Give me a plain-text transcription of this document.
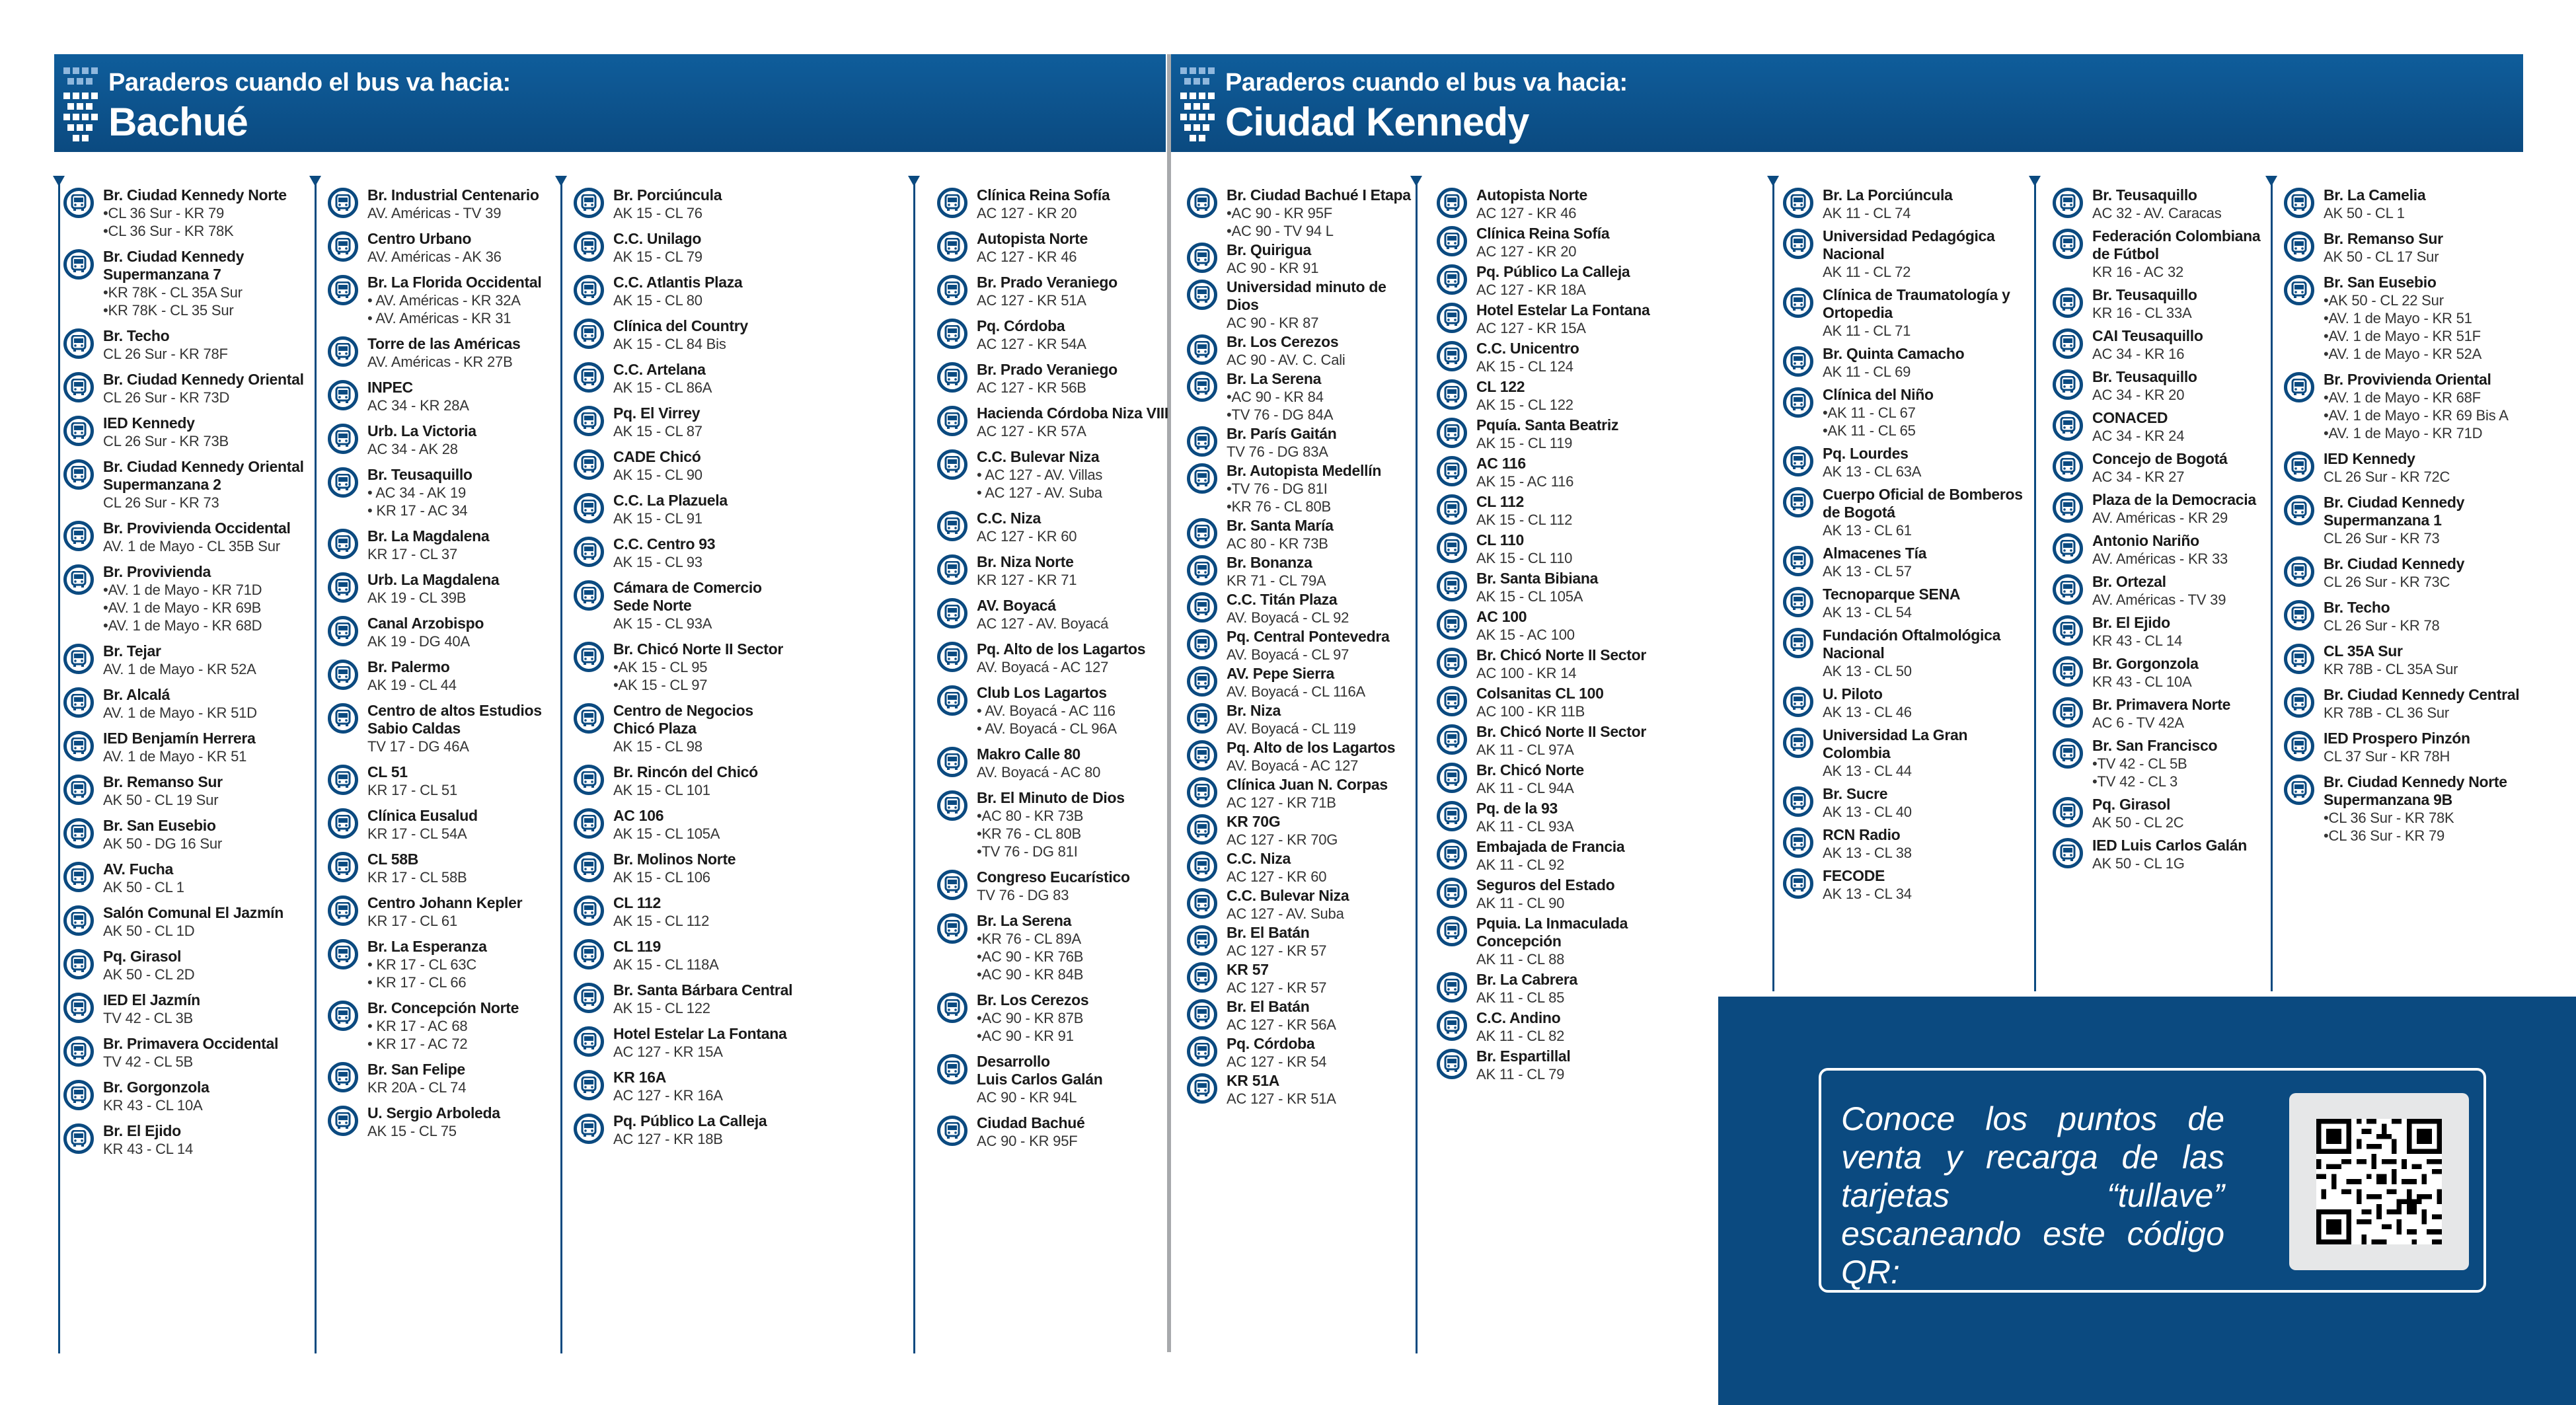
Paraderos cuando el bus va hacia:
Bachué
Paraderos cuando el bus va hacia:
Ciudad Kennedy
Br. Ciudad Kennedy Norte
•CL 36 Sur - KR 79
•CL 36 Sur - KR 78K
Br. Ciudad Kennedy
Supermanzana 7
•KR 78K - CL 35A Sur
•KR 78K - CL 35 Sur
Br. Techo
CL 26 Sur - KR 78F
Br. Ciudad Kennedy Oriental
CL 26 Sur - KR 73D
IED Kennedy
CL 26 Sur - KR 73B
Br. Ciudad Kennedy Oriental
Supermanzana 2
CL 26 Sur - KR 73
Br. Provivienda Occidental
AV. 1 de Mayo - CL 35B Sur
Br. Provivienda
•AV. 1 de Mayo - KR 71D
•AV. 1 de Mayo - KR 69B
•AV. 1 de Mayo - KR 68D
Br. Tejar
AV. 1 de Mayo - KR 52A
Br. Alcalá
AV. 1 de Mayo - KR 51D
IED Benjamín Herrera
AV. 1 de Mayo - KR 51
Br. Remanso Sur
AK 50 - CL 19 Sur
Br. San Eusebio
AK 50 - DG 16 Sur
AV. Fucha
AK 50 - CL 1
Salón Comunal El Jazmín
AK 50 - CL 1D
Pq. Girasol
AK 50 - CL 2D
IED El Jazmín
TV 42 - CL 3B
Br. Primavera Occidental
TV 42 - CL 5B
Br. Gorgonzola
KR 43 - CL 10A
Br. El Ejido
KR 43 - CL 14
Br. Industrial Centenario
AV. Américas - TV 39
Centro Urbano
AV. Américas - AK 36
Br. La Florida Occidental
• AV. Américas - KR 32A
• AV. Américas - KR 31
Torre de las Américas
AV. Américas - KR 27B
INPEC
AC 34 - KR 28A
Urb. La Victoria
AC 34 - AK 28
Br. Teusaquillo
• AC 34 - AK 19
• KR 17 - AC 34
Br. La Magdalena
KR 17 - CL 37
Urb. La Magdalena
AK 19 - CL 39B
Canal Arzobispo
AK 19 - DG 40A
Br. Palermo
AK 19 - CL 44
Centro de altos Estudios
Sabio Caldas
TV 17 - DG 46A
CL 51
KR 17 - CL 51
Clínica Eusalud
KR 17 - CL 54A
CL 58B
KR 17 - CL 58B
Centro Johann Kepler
KR 17 - CL 61
Br. La Esperanza
• KR 17 - CL 63C
• KR 17 - CL 66
Br. Concepción Norte
• KR 17 - AC 68
• KR 17 - AC 72
Br. San Felipe
KR 20A - CL 74
U. Sergio Arboleda
AK 15 - CL 75
Br. Porciúncula
AK 15 - CL 76
C.C. Unilago
AK 15 - CL 79
C.C. Atlantis Plaza
AK 15 - CL 80
Clínica del Country
AK 15 - CL 84 Bis
C.C. Artelana
AK 15 - CL 86A
Pq. El Virrey
AK 15 - CL 87
CADE Chicó
AK 15 - CL 90
C.C. La Plazuela
AK 15 - CL 91
C.C. Centro 93
AK 15 - CL 93
Cámara de Comercio
Sede Norte
AK 15 - CL 93A
Br. Chicó Norte II Sector
•AK 15 - CL 95
•AK 15 - CL 97
Centro de Negocios
Chicó Plaza
AK 15 - CL 98
Br. Rincón del Chicó
AK 15 - CL 101
AC 106
AK 15 - CL 105A
Br. Molinos Norte
AK 15 - CL 106
CL 112
AK 15 - CL 112
CL 119
AK 15 - CL 118A
Br. Santa Bárbara Central
AK 15 - CL 122
Hotel Estelar La Fontana
AC 127 - KR 15A
KR 16A
AC 127 - KR 16A
Pq. Público La Calleja
AC 127 - KR 18B
Clínica Reina Sofía
AC 127 - KR 20
Autopista Norte
AC 127 - KR 46
Br. Prado Veraniego
AC 127 - KR 51A
Pq. Córdoba
AC 127 - KR 54A
Br. Prado Veraniego
AC 127 - KR 56B
Hacienda Córdoba Niza VIII
AC 127 - KR 57A
C.C. Bulevar Niza
• AC 127 - AV. Villas
• AC 127 - AV. Suba
C.C. Niza
AC 127 - KR 60
Br. Niza Norte
KR 127 - KR 71
AV. Boyacá
AC 127 - AV. Boyacá
Pq. Alto de los Lagartos
AV. Boyacá - AC 127
Club Los Lagartos
• AV. Boyacá - AC 116
• AV. Boyacá - CL 96A
Makro Calle 80
AV. Boyacá - AC 80
Br. El Minuto de Dios
•AC 80 - KR 73B
•KR 76 - CL 80B
•TV 76 - DG 81I
Congreso Eucarístico
TV 76 - DG 83
Br. La Serena
•KR 76 - CL 89A
•AC 90 - KR 76B
•AC 90 - KR 84B
Br. Los Cerezos
•AC 90 - KR 87B
•AC 90 - KR 91
Desarrollo
Luis Carlos Galán
AC 90 - KR 94L
Ciudad Bachué
AC 90 - KR 95F
Br. Ciudad Bachué I Etapa
•AC 90 - KR 95F
•AC 90 - TV 94 L
Br. Quirigua
AC 90 - KR 91
Universidad minuto de Dios
AC 90 - KR 87
Br. Los Cerezos
AC 90 - AV. C. Cali
Br. La Serena
•AC 90 - KR 84
•TV 76 - DG 84A
Br. París Gaitán
TV 76 - DG 83A
Br. Autopista Medellín
•TV 76 - DG 81I
•KR 76 - CL 80B
Br. Santa María
AC 80 - KR 73B
Br. Bonanza
KR 71 - CL 79A
C.C. Titán Plaza
AV. Boyacá - CL 92
Pq. Central Pontevedra
AV. Boyacá - CL 97
AV. Pepe Sierra
AV. Boyacá - CL 116A
Br. Niza
AV. Boyacá - CL 119
Pq. Alto de los Lagartos
AV. Boyacá - AC 127
Clínica Juan N. Corpas
AC 127 - KR 71B
KR 70G
AC 127 - KR 70G
C.C. Niza
AC 127 - KR 60
C.C. Bulevar Niza
AC 127 - AV. Suba
Br. El Batán
AC 127 - KR 57
KR 57
AC 127 - KR 57
Br. El Batán
AC 127 - KR 56A
Pq. Córdoba
AC 127 - KR 54
KR 51A
AC 127 - KR 51A
Autopista Norte
AC 127 - KR 46
Clínica Reina Sofía
AC 127 - KR 20
Pq. Público La Calleja
AC 127 - KR 18A
Hotel Estelar La Fontana
AC 127 - KR 15A
C.C. Unicentro
AK 15 - CL 124
CL 122
AK 15 - CL 122
Pquía. Santa Beatriz
AK 15 - CL 119
AC 116
AK 15 - AC 116
CL 112
AK 15 - CL 112
CL 110
AK 15 - CL 110
Br. Santa Bibiana
AK 15 - CL 105A
AC 100
AK 15 - AC 100
Br. Chicó Norte II Sector
AC 100 - KR 14
Colsanitas CL 100
AC 100 - KR 11B
Br. Chicó Norte II Sector
AK 11 - CL 97A
Br. Chicó Norte
AK 11 - CL 94A
Pq. de la 93
AK 11 - CL 93A
Embajada de Francia
AK 11 - CL 92
Seguros del Estado
AK 11 - CL 90
Pquia. La Inmaculada
Concepción
AK 11 - CL 88
Br. La Cabrera
AK 11 - CL 85
C.C. Andino
AK 11 - CL 82
Br. Espartillal
AK 11 - CL 79
Br. La Porciúncula
AK 11 - CL 74
Universidad Pedagógica
Nacional
AK 11 - CL 72
Clínica de Traumatología y
Ortopedia
AK 11 - CL 71
Br. Quinta Camacho
AK 11 - CL 69
Clínica del Niño
•AK 11 - CL 67
•AK 11 - CL 65
Pq. Lourdes
AK 13 - CL 63A
Cuerpo Oficial de Bomberos
de Bogotá
AK 13 - CL 61
Almacenes Tía
AK 13 - CL 57
Tecnoparque SENA
AK 13 - CL 54
Fundación Oftalmológica
Nacional
AK 13 - CL 50
U. Piloto
AK 13 - CL 46
Universidad La Gran Colombia
AK 13 - CL 44
Br. Sucre
AK 13 - CL 40
RCN Radio
AK 13 - CL 38
FECODE
AK 13 - CL 34
Br. Teusaquillo
AC 32 - AV. Caracas
Federación Colombiana
de Fútbol
KR 16 - AC 32
Br. Teusaquillo
KR 16 - CL 33A
CAI Teusaquillo
AC 34 - KR 16
Br. Teusaquillo
AC 34 - KR 20
CONACED
AC 34 - KR 24
Concejo de Bogotá
AC 34 - KR 27
Plaza de la Democracia
AV. Américas - KR 29
Antonio Nariño
AV. Américas - KR 33
Br. Ortezal
AV. Américas - TV 39
Br. El Ejido
KR 43 - CL 14
Br. Gorgonzola
KR 43 - CL 10A
Br. Primavera Norte
AC 6 - TV 42A
Br. San Francisco
•TV 42 - CL 5B
•TV 42 - CL 3
Pq. Girasol
AK 50 - CL 2C
IED Luis Carlos Galán
AK 50 - CL 1G
Br. La Camelia
AK 50 - CL 1
Br. Remanso Sur
AK 50 - CL 17 Sur
Br. San Eusebio
•AK 50 - CL 22 Sur
•AV. 1 de Mayo - KR 51
•AV. 1 de Mayo - KR 51F
•AV. 1 de Mayo - KR 52A
Br. Provivienda Oriental
•AV. 1 de Mayo - KR 68F
•AV. 1 de Mayo - KR 69 Bis A
•AV. 1 de Mayo - KR 71D
IED Kennedy
CL 26 Sur - KR 72C
Br. Ciudad Kennedy
Supermanzana 1
CL 26 Sur - KR 73
Br. Ciudad Kennedy
CL 26 Sur - KR 73C
Br. Techo
CL 26 Sur - KR 78
CL 35A Sur
KR 78B - CL 35A Sur
Br. Ciudad Kennedy Central
KR 78B - CL 36 Sur
IED Prospero Pinzón
CL 37 Sur - KR 78H
Br. Ciudad Kennedy Norte
Supermanzana 9B
•CL 36 Sur - KR 78K
•CL 36 Sur - KR 79
Conoce los puntos de venta y recarga de las tarjetas “tullave” escaneando este código QR:
